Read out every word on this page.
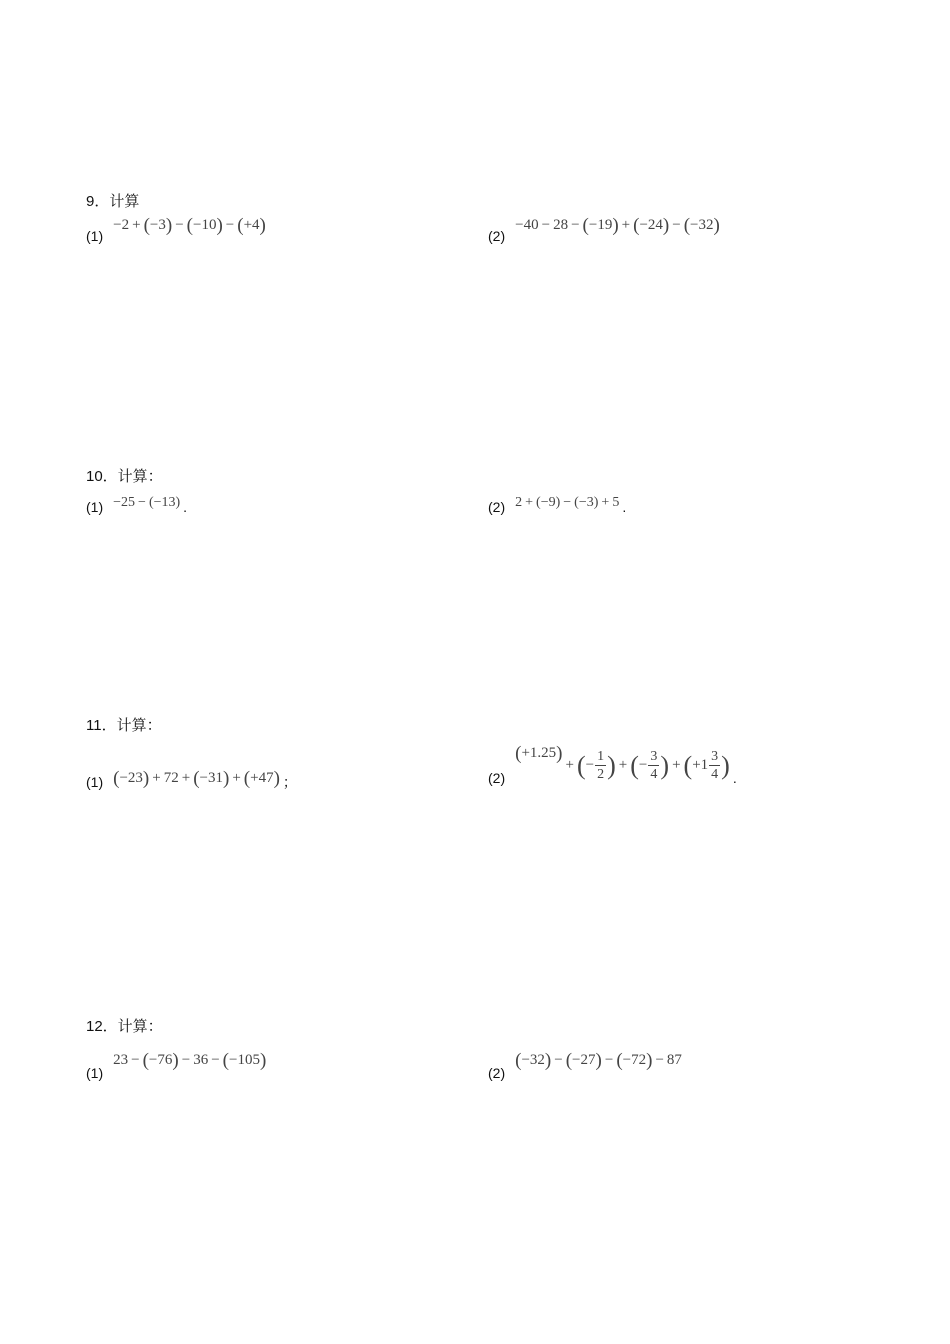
9．计算
(1)
−2 + ( −3 ) − ( −10 ) − ( +4 )	(2)
−40 − 28 − ( −19 ) + ( −24 ) − ( −32 )
10．计算：
(1) −25 − (−13) .	(2) 2 + (−9) − (−3) + 5 .
11．计算：
(1) ( −23 ) + 72 + ( −31 ) + ( +47 ) ；	(2)
( +1.25 )
+ ( − $\frac{1}{2}$ ) + ( − $\frac{3}{4}$ ) + ( $+1 \frac{3}{4}$ ) .
12．计算：
(1)
23 − ( −76 ) − 36 − ( −105 )
(2)
( −32 ) − ( −27 ) − ( −72 ) − 87
